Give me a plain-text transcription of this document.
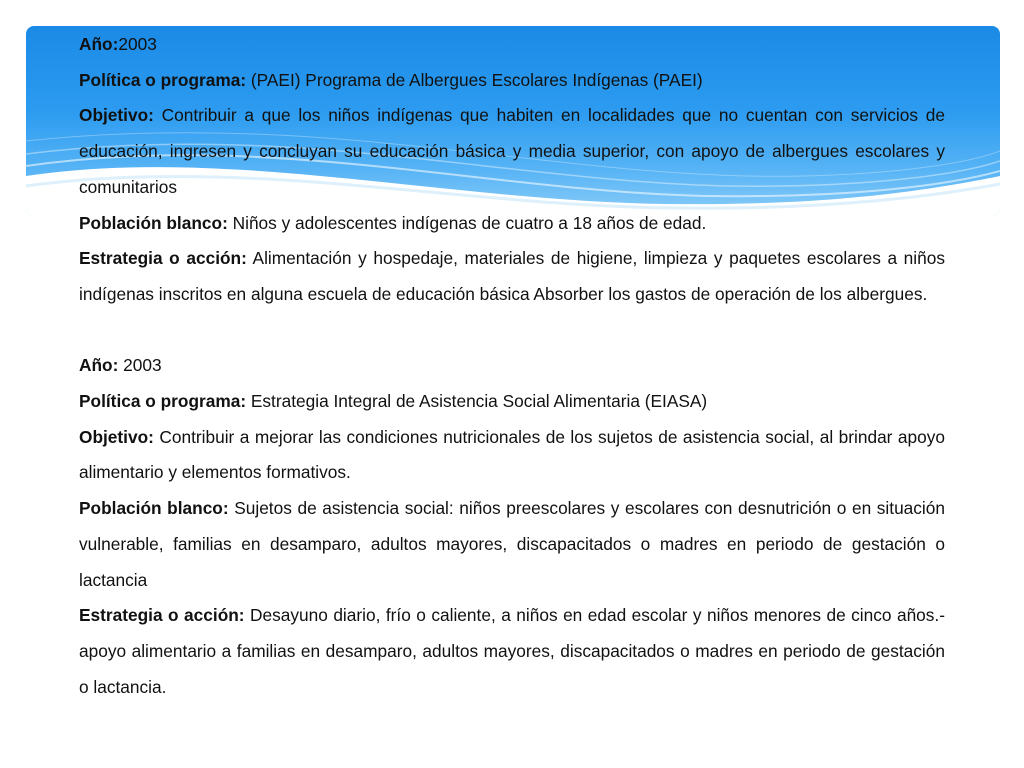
Año:2003

Política o programa: (PAEI) Programa de Albergues Escolares Indígenas (PAEI)

Objetivo: Contribuir a que los niños indígenas que habiten en localidades que no cuentan con servicios de educación, ingresen y concluyan su educación básica y media superior, con apoyo de albergues escolares y comunitarios

Población blanco: Niños y adolescentes indígenas de cuatro a 18 años de edad.

Estrategia o acción: Alimentación y hospedaje, materiales de higiene, limpieza y paquetes escolares a niños indígenas inscritos en alguna escuela de educación básica Absorber los gastos de operación de los albergues.

Año: 2003

Política o programa: Estrategia Integral de Asistencia Social Alimentaria (EIASA)

Objetivo: Contribuir a mejorar las condiciones nutricionales de los sujetos de asistencia social, al brindar apoyo alimentario y elementos formativos.

Población blanco: Sujetos de asistencia social: niños preescolares y escolares con desnutrición o en situación vulnerable, familias en desamparo, adultos mayores, discapacitados o madres en periodo de gestación o lactancia

Estrategia o acción: Desayuno diario, frío o caliente, a niños en edad escolar y niños menores de cinco años.- apoyo alimentario a familias en desamparo, adultos mayores, discapacitados o madres en periodo de gestación o lactancia.
